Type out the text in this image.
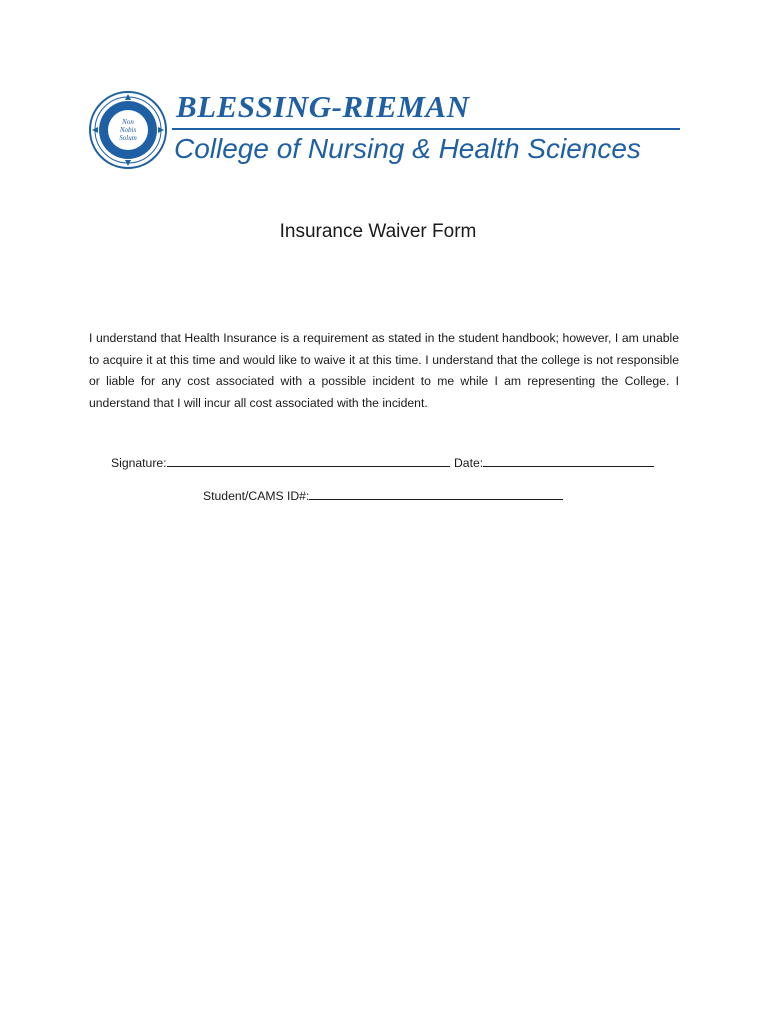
Non
Nobis
Solum
BLESSING-RIEMAN
College of Nursing & Health Sciences
Insurance Waiver Form
I understand that Health Insurance is a requirement as stated in the student handbook; however, I am unable to acquire it at this time and would like to waive it at this time. I understand that the college is not responsible or liable for any cost associated with a possible incident to me while I am representing the College. I understand that I will incur all cost associated with the incident.
Signature:	Date:
Student/CAMS ID#:
